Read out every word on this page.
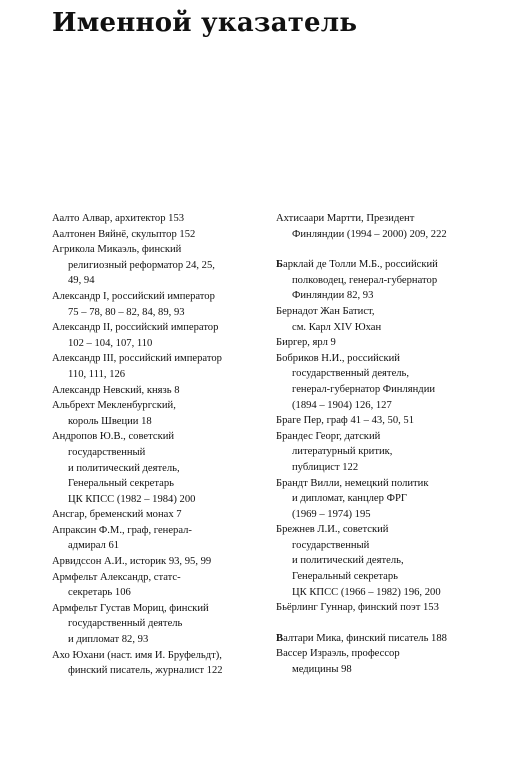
Именной указатель
Аалто Алвар, архитектор 153
Аалтонен Вяйнё, скульптор 152
Агрикола Микаэль, финский
религиозный реформатор 24, 25,
49, 94
Александр I, российский император
75 – 78, 80 – 82, 84, 89, 93
Александр II, российский император
102 – 104, 107, 110
Александр III, российский император
110, 111, 126
Александр Невский, князь 8
Альбрехт Мекленбургский,
король Швеции 18
Андропов Ю.В., советский
государственный
и политический деятель,
Генеральный секретарь
ЦК КПСС (1982 – 1984) 200
Ансгар, бременский монах 7
Апраксин Ф.М., граф, генерал-
адмирал 61
Арвидссон А.И., историк 93, 95, 99
Армфельт Александр, статс-
секретарь 106
Армфельт Густав Мориц, финский
государственный деятель
и дипломат 82, 93
Ахо Юхани (наст. имя И. Бруфельдт),
финский писатель, журналист 122
Ахтисаари Мартти, Президент
Финляндии (1994 – 2000) 209, 222
Барклай де Толли М.Б., российский
полководец, генерал-губернатор
Финляндии 82, 93
Бернадот Жан Батист,
см. Карл XIV Юхан
Биргер, ярл 9
Бобриков Н.И., российский
государственный деятель,
генерал-губернатор Финляндии
(1894 – 1904) 126, 127
Браге Пер, граф 41 – 43, 50, 51
Брандес Георг, датский
литературный критик,
публицист 122
Брандт Вилли, немецкий политик
и дипломат, канцлер ФРГ
(1969 – 1974) 195
Брежнев Л.И., советский
государственный
и политический деятель,
Генеральный секретарь
ЦК КПСС (1966 – 1982) 196, 200
Бьёрлинг Гуннар, финский поэт 153
Валтари Мика, финский писатель 188
Вассер Израэль, профессор
медицины 98
